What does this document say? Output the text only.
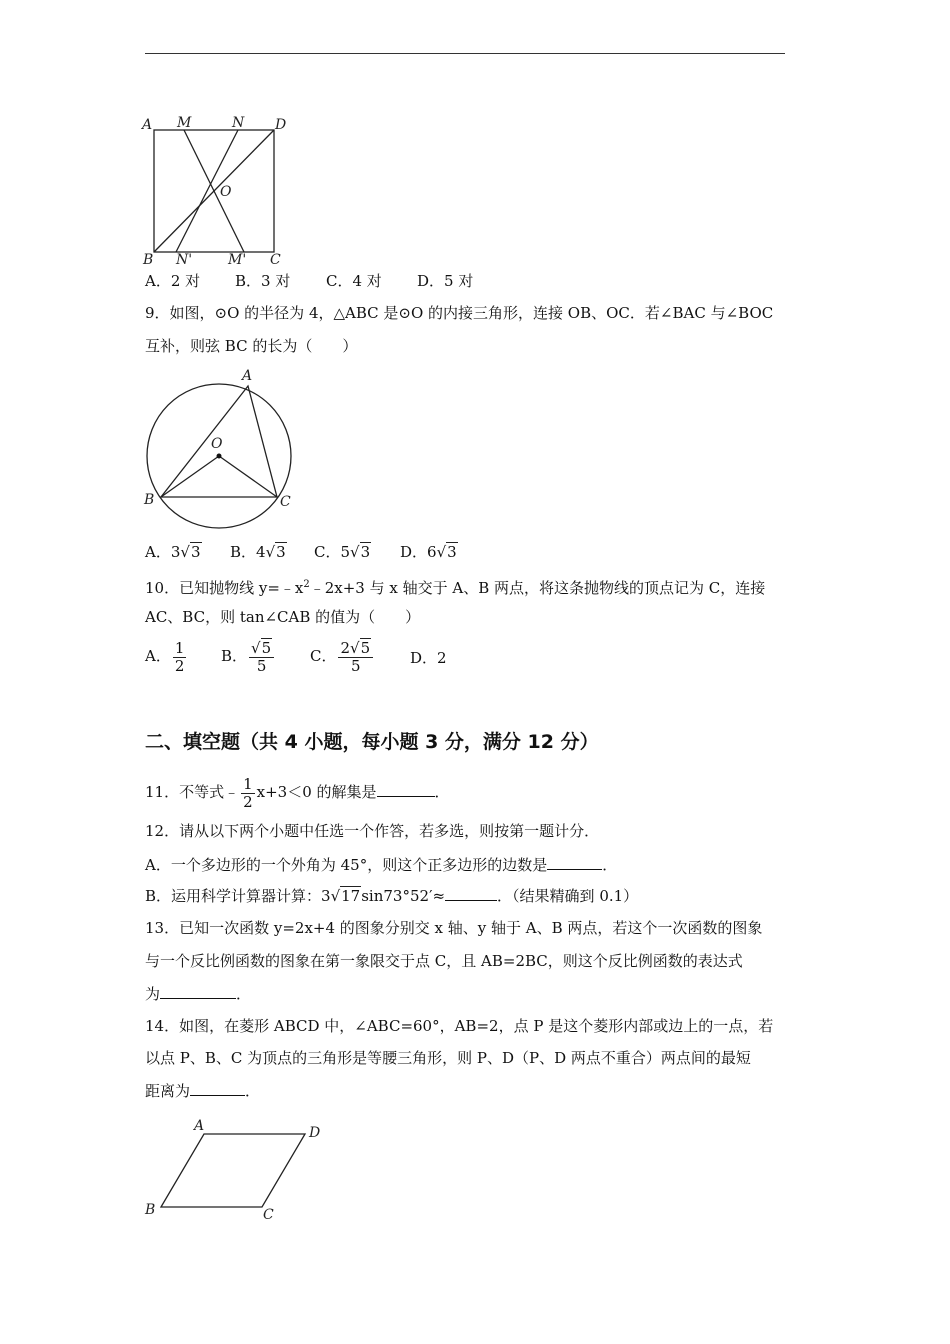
A M	N D
O
B N'	M' C
A．2 对 B．3 对 C．4 对 D．5 对
9．如图，⊙O 的半径为 4，△ABC 是⊙O 的内接三角形，连接 OB、OC．若∠BAC 与∠BOC
互补，则弦 BC 的长为（　　）
A
O
B	C
A．3√3 B．4√3 C．5√3 D．6√3
10．已知抛物线 $y=﹣x^2﹣2x+3$ 与 x 轴交于 A、B 两点，将这条抛物线的顶点记为 C，连接
AC、BC，则 tan∠CAB 的值为（　　）
A． $\frac{1}{2}$ B． $\frac{√5}{5}$ C． $\frac{2√5}{5}$ D．2
二、填空题（共 4 小题，每小题 3 分，满分 12 分）
11．不等式﹣ $\frac{1}{2} x+3<0$ 的解集是	．
12．请从以下两个小题中任选一个作答，若多选，则按第一题计分．
A．一个多边形的一个外角为 45°，则这个正多边形的边数是	．
B．运用科学计算器计算：3√17sin73°52′≈	．（结果精确到 0.1）
13．已知一次函数 y=2x+4 的图象分别交 x 轴、y 轴于 A、B 两点，若这个一次函数的图象
与一个反比例函数的图象在第一象限交于点 C，且 AB=2BC，则这个反比例函数的表达式
为	．
14．如图，在菱形 ABCD 中，∠ABC=60°，AB=2，点 P 是这个菱形内部或边上的一点，若
以点 P、B、C 为顶点的三角形是等腰三角形，则 P、D（P、D 两点不重合）两点间的最短
距离为	．
A	D
B	C
